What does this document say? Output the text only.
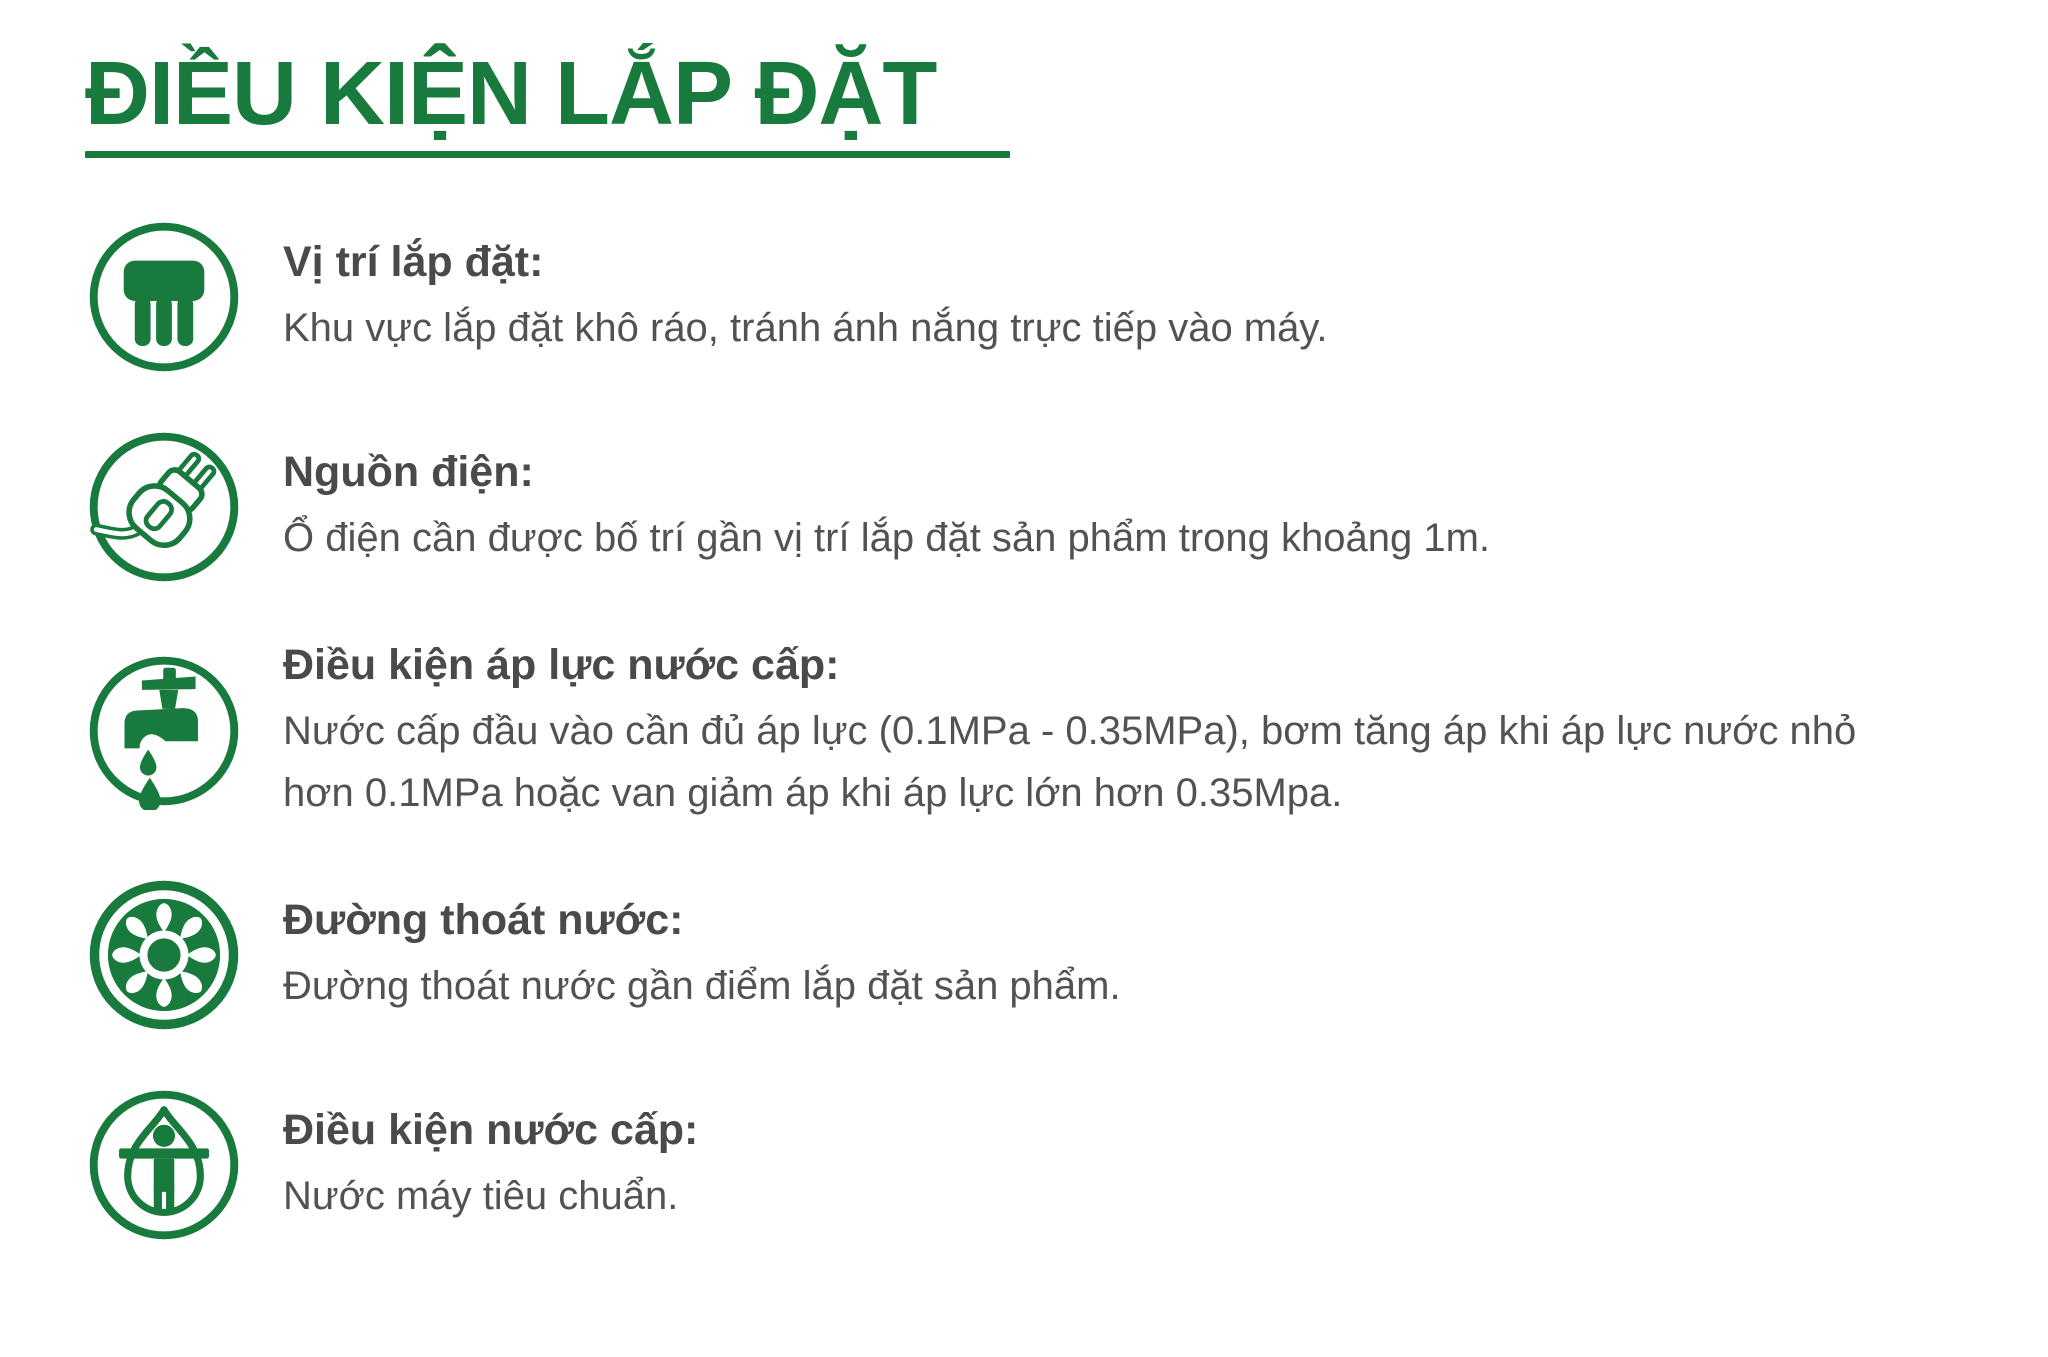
ĐIỀU KIỆN LẮP ĐẶT

Vị trí lắp đặt:

Khu vực lắp đặt khô ráo, tránh ánh nắng trực tiếp vào máy.

Nguồn điện:

Ổ điện cần được bố trí gần vị trí lắp đặt sản phẩm trong khoảng 1m.

Điều kiện áp lực nước cấp:

Nước cấp đầu vào cần đủ áp lực (0.1MPa - 0.35MPa), bơm tăng áp khi áp lực nước nhỏ hơn 0.1MPa hoặc van giảm áp khi áp lực lớn hơn 0.35Mpa.

Đường thoát nước:

Đường thoát nước gần điểm lắp đặt sản phẩm.

Điều kiện nước cấp:

Nước máy tiêu chuẩn.
